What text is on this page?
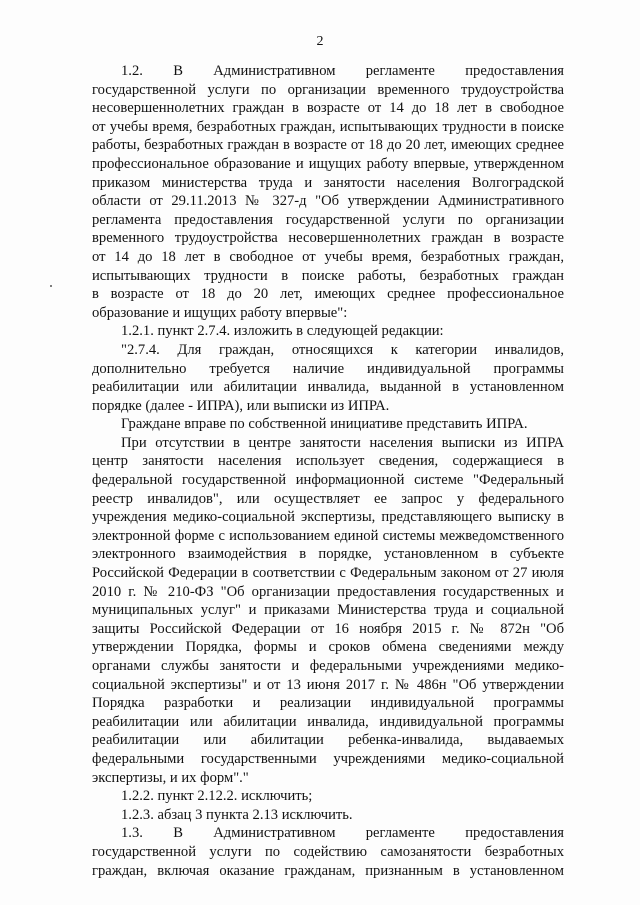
2
1.2. В Административном регламенте предоставления
государственной услуги по организации временного трудоустройства
несовершеннолетних граждан в возрасте от 14 до 18 лет в свободное
от учебы время, безработных граждан, испытывающих трудности в поиске
работы, безработных граждан в возрасте от 18 до 20 лет, имеющих среднее
профессиональное образование и ищущих работу впервые, утвержденном
приказом министерства труда и занятости населения Волгоградской
области от 29.11.2013 № 327-д "Об утверждении Административного
регламента предоставления государственной услуги по организации
временного трудоустройства несовершеннолетних граждан в возрасте
от 14 до 18 лет в свободное от учебы время, безработных граждан,
испытывающих трудности в поиске работы, безработных граждан
в возрасте от 18 до 20 лет, имеющих среднее профессиональное
образование и ищущих работу впервые":
1.2.1. пункт 2.7.4. изложить в следующей редакции:
"2.7.4. Для граждан, относящихся к категории инвалидов,
дополнительно требуется наличие индивидуальной программы
реабилитации или абилитации инвалида, выданной в установленном
порядке (далее - ИПРА), или выписки из ИПРА.
Граждане вправе по собственной инициативе представить ИПРА.
При отсутствии в центре занятости населения выписки из ИПРА
центр занятости населения использует сведения, содержащиеся в
федеральной государственной информационной системе "Федеральный
реестр инвалидов", или осуществляет ее запрос у федерального
учреждения медико-социальной экспертизы, представляющего выписку в
электронной форме с использованием единой системы межведомственного
электронного взаимодействия в порядке, установленном в субъекте
Российской Федерации в соответствии с Федеральным законом от 27 июля
2010 г. № 210-ФЗ "Об организации предоставления государственных и
муниципальных услуг" и приказами Министерства труда и социальной
защиты Российской Федерации от 16 ноября 2015 г. № 872н "Об
утверждении Порядка, формы и сроков обмена сведениями между
органами службы занятости и федеральными учреждениями медико-
социальной экспертизы" и от 13 июня 2017 г. № 486н "Об утверждении
Порядка разработки и реализации индивидуальной программы
реабилитации или абилитации инвалида, индивидуальной программы
реабилитации или абилитации ребенка-инвалида, выдаваемых
федеральными государственными учреждениями медико-социальной
экспертизы, и их форм"."
1.2.2. пункт 2.12.2. исключить;
1.2.3. абзац 3 пункта 2.13 исключить.
1.3. В Административном регламенте предоставления
государственной услуги по содействию самозанятости безработных
граждан, включая оказание гражданам, признанным в установленном
